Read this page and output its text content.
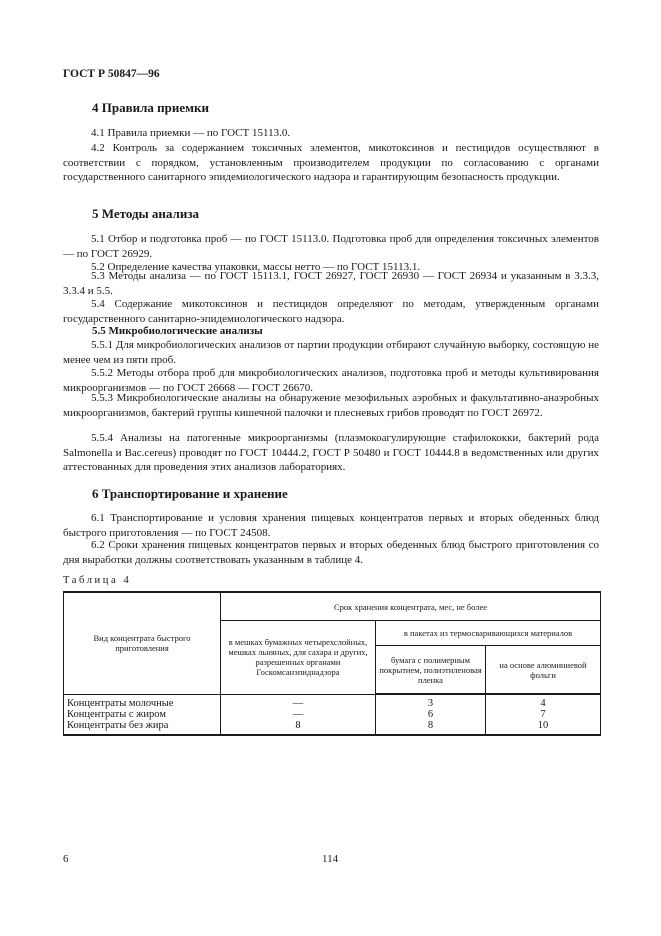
ГОСТ Р 50847—96
4 Правила приемки

4.1 Правила приемки — по ГОСТ 15113.0.

4.2 Контроль за содержанием токсичных элементов, микотоксинов и пестицидов осуществляют в соответствии с порядком, установленным производителем продукции по согласованию с органами государственного санитарного эпидемиологического надзора и гарантирующим безопасность продукции.

5 Методы анализа

5.1 Отбор и подготовка проб — по ГОСТ 15113.0. Подготовка проб для определения токсичных элементов — по ГОСТ 26929.

5.2 Определение качества упаковки, массы нетто — по ГОСТ 15113.1.

5.3 Методы анализа — по ГОСТ 15113.1, ГОСТ 26927, ГОСТ 26930 — ГОСТ 26934 и указанным в 3.3.3, 3.3.4 и 5.5.

5.4 Содержание микотоксинов и пестицидов определяют по методам, утвержденным органами государственного санитарно-эпидемиологического надзора.

5.5 Микробиологические анализы

5.5.1 Для микробиологических анализов от партии продукции отбирают случайную выборку, состоящую не менее чем из пяти проб.

5.5.2 Методы отбора проб для микробиологических анализов, подготовка проб и методы культивирования микроорганизмов — по ГОСТ 26668 — ГОСТ 26670.

5.5.3 Микробиологические анализы на обнаружение мезофильных аэробных и факультативно-анаэробных микроорганизмов, бактерий группы кишечной палочки и плесневых грибов проводят по ГОСТ 26972.

5.5.4 Анализы на патогенные микроорганизмы (плазмокоагулирующие стафилококки, бактерий рода Salmonella и Bac.cereus) проводят по ГОСТ 10444.2, ГОСТ Р 50480 и ГОСТ 10444.8 в ведомственных или других аттестованных для проведения этих анализов лабораториях.

6 Транспортирование и хранение

6.1 Транспортирование и условия хранения пищевых концентратов первых и вторых обеденных блюд быстрого приготовления — по ГОСТ 24508.

6.2 Сроки хранения пищевых концентратов первых и вторых обеденных блюд быстрого приготовления со дня выработки должны соответствовать указанным в таблице 4.

Таблица 4
Вид концентрата быстрого приготовления	Срок хранения концентрата, мес, не более		
	в мешках бумажных четырехслойных, мешках льняных, для сахара и других, разрешенных органами Госкомсанэпиднадзора	в пакетах из термосваривающихся материалов	
		бумага с полимерным покрытием, полиэтиленовая пленка	на основе алюминиевой фольги
Концентраты молочные	—	3	4
Концентраты с жиром	—	6	7
Концентраты без жира	8	8	10
6	114
